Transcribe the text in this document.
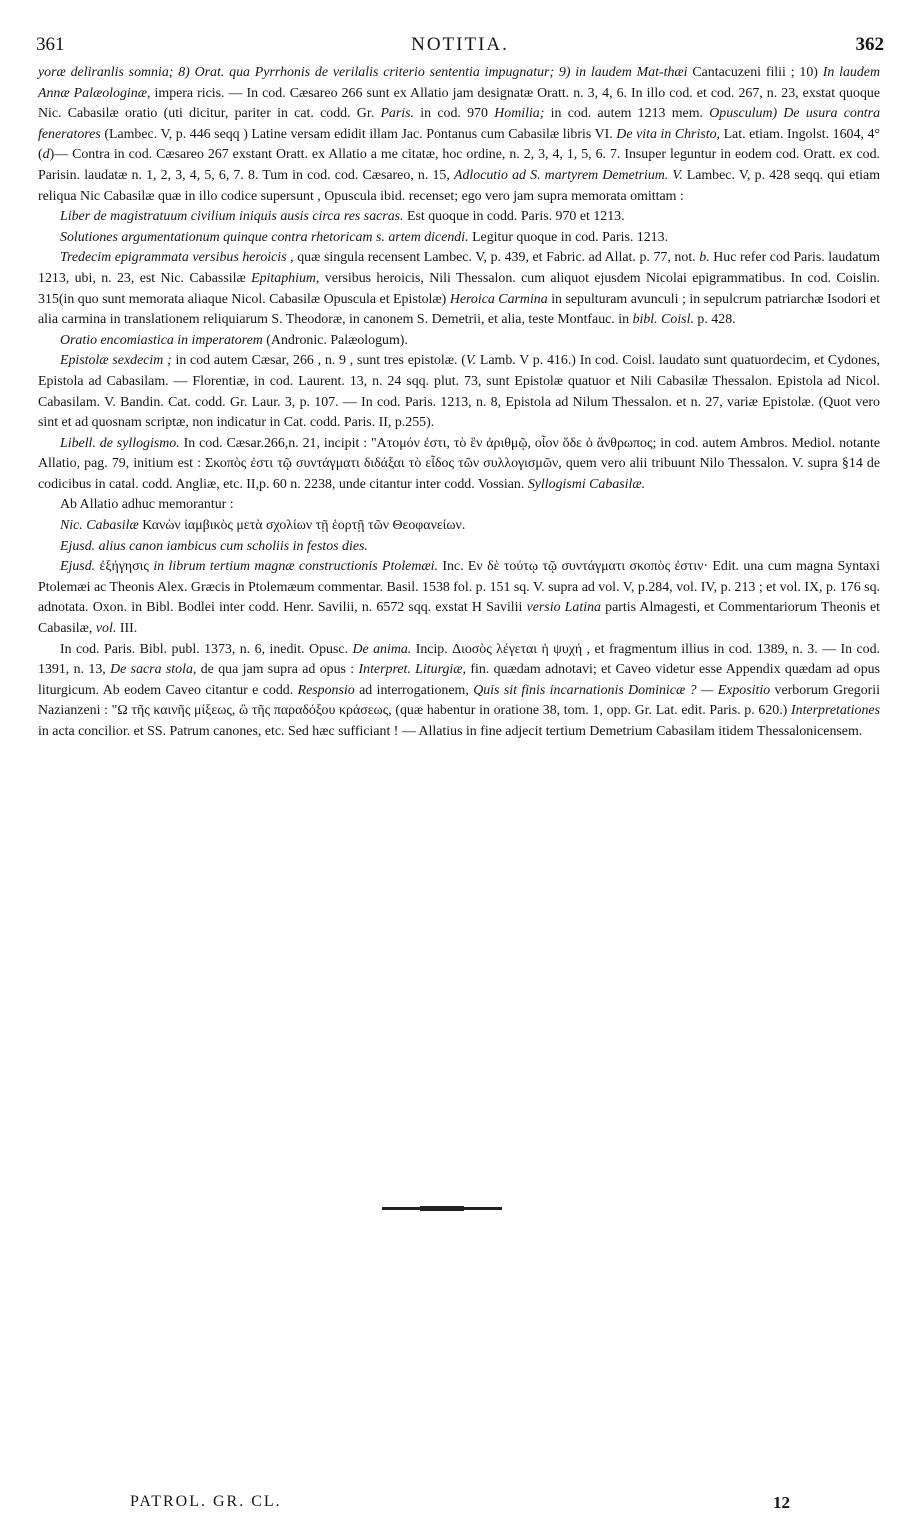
361	NOTITIA.	362

yoræ deliranlis somnia; 8) Orat. qua Pyrrhonis de verilalis criterio sententia impugnatur; 9) in laudem Mat-thæi Cantacuzeni filii ; 10) In laudem Annæ Palæologinæ, impera ricis. — In cod. Cæsareo 266 sunt ex Allatio jam designatæ Oratt. n. 3, 4, 6. In illo cod. et cod. 267, n. 23, exstat quoque Nic. Cabasilæ oratio (uti dicitur, pariter in cat. codd. Gr. Paris. in cod. 970 Homilia; in cod. autem 1213 mem. Opusculum) De usura contra feneratores (Lambec. V, p. 446 seqq ) Latine versam edidit illam Jac. Pontanus cum Cabasilæ libris VI. De vita in Christo, Lat. etiam. Ingolst. 1604, 4° (d)— Contra in cod. Cæsareo 267 exstant Oratt. ex Allatio a me citatæ, hoc ordine, n. 2, 3, 4, 1, 5, 6. 7. Insuper leguntur in eodem cod. Oratt. ex cod. Parisin. laudatæ n. 1, 2, 3, 4, 5, 6, 7. 8. Tum in cod. cod. Cæsareo, n. 15, Adlocutio ad S. martyrem Demetrium. V. Lambec. V, p. 428 seqq. qui etiam reliqua Nic Cabasilæ quæ in illo codice supersunt , Opuscula ibid. recenset; ego vero jam supra memorata omittam :

Liber de magistratuum civilium iniquis ausis circa res sacras. Est quoque in codd. Paris. 970 et 1213.

Solutiones argumentationum quinque contra rhetoricam s. artem dicendi. Legitur quoque in cod. Paris. 1213.

Tredecim epigrammata versibus heroicis , quæ singula recensent Lambec. V, p. 439, et Fabric. ad Allat. p. 77, not. b. Huc refer cod Paris. laudatum 1213, ubi, n. 23, est Nic. Cabassilæ Epitaphium, versibus heroicis, Nili Thessalon. cum aliquot ejusdem Nicolai epigrammatibus. In cod. Coislin. 315(in quo sunt memorata aliaque Nicol. Cabasilæ Opuscula et Epistolæ) Heroica Carmina in sepulturam avunculi ; in sepulcrum patriarchæ Isodori et alia carmina in translationem reliquiarum S. Theodoræ, in canonem S. Demetrii, et alia, teste Montfauc. in bibl. Coisl. p. 428.

Oratio encomiastica in imperatorem (Andronic. Palæologum).

Epistolæ sexdecim ; in cod autem Cæsar, 266 , n. 9 , sunt tres epistolæ. (V. Lamb. V p. 416.) In cod. Coisl. laudato sunt quatuordecim, et Cydones, Epistola ad Cabasilam. — Florentiæ, in cod. Laurent. 13, n. 24 sqq. plut. 73, sunt Epistolæ quatuor et Nili Cabasilæ Thessalon. Epistola ad Nicol. Cabasilam. V. Bandin. Cat. codd. Gr. Laur. 3, p. 107. — In cod. Paris. 1213, n. 8, Epistola ad Nilum Thessalon. et n. 27, variæ Epistolæ. (Quot vero sint et ad quosnam scriptæ, non indicatur in Cat. codd. Paris. II, p.255).

Libell. de syllogismo. In cod. Cæsar.266,n. 21, incipit : "Ατομόν ἐστι, τὸ ἓν ἀριθμῷ, οἷον ὅδε ὁ ἄνθρωπος; in cod. autem Ambros. Mediol. notante Allatio, pag. 79, initium est : Σκοπὸς ἐστι τῷ συντάγματι διδάξαι τὸ εἶδος τῶν συλλογισμῶν, quem vero alii tribuunt Nilo Thessalon. V. supra §14 de codicibus in catal. codd. Angliæ, etc. II,p. 60 n. 2238, unde citantur inter codd. Vossian. Syllogismi Cabasilæ.

Ab Allatio adhuc memorantur :

Nic. Cabasilæ Κανὼν ἰαμβικὸς μετὰ σχολίων τῇ ἑορτῇ τῶν Θεοφανείων.

Ejusd. alius canon iambicus cum scholiis in festos dies.

Ejusd. ἐξήγησις in librum tertium magnæ constructionis Ptolemæi. Inc. Εν δὲ τούτῳ τῷ συντάγματι σκοπὸς ἐστιν· Edit. una cum magna Syntaxi Ptolemæi ac Theonis Alex. Græcis in Ptolemæum commentar. Basil. 1538 fol. p. 151 sq. V. supra ad vol. V, p.284, vol. IV, p. 213 ; et vol. IX, p. 176 sq. adnotata. Oxon. in Bibl. Bodlei inter codd. Henr. Savilii, n. 6572 sqq. exstat H Savilii versio Latina partis Almagesti, et Commentariorum Theonis et Cabasilæ, vol. III.

In cod. Paris. Bibl. publ. 1373, n. 6, inedit. Opusc. De anima. Incip. Διοσὸς λέγεται ἡ ψυχή , et fragmentum illius in cod. 1389, n. 3. — In cod. 1391, n. 13, De sacra stola, de qua jam supra ad opus : Interpret. Liturgiæ, fin. quædam adnotavi; et Caveo videtur esse Appendix quædam ad opus liturgicum. Ab eodem Caveo citantur e codd. Responsio ad interrogationem, Quis sit finis incarnationis Dominicæ ? — Expositio verborum Gregorii Nazianzeni : "Ω τῆς καινῆς μίξεως, ὢ τῆς παραδόξου κράσεως, (quæ habentur in oratione 38, tom. 1, opp. Gr. Lat. edit. Paris. p. 620.) Interpretationes in acta concilior. et SS. Patrum canones, etc. Sed hæc sufficiant ! — Allatius in fine adjecit tertium Demetrium Cabasilam itidem Thessalonicensem.

PATROL. GR. CL.	12
